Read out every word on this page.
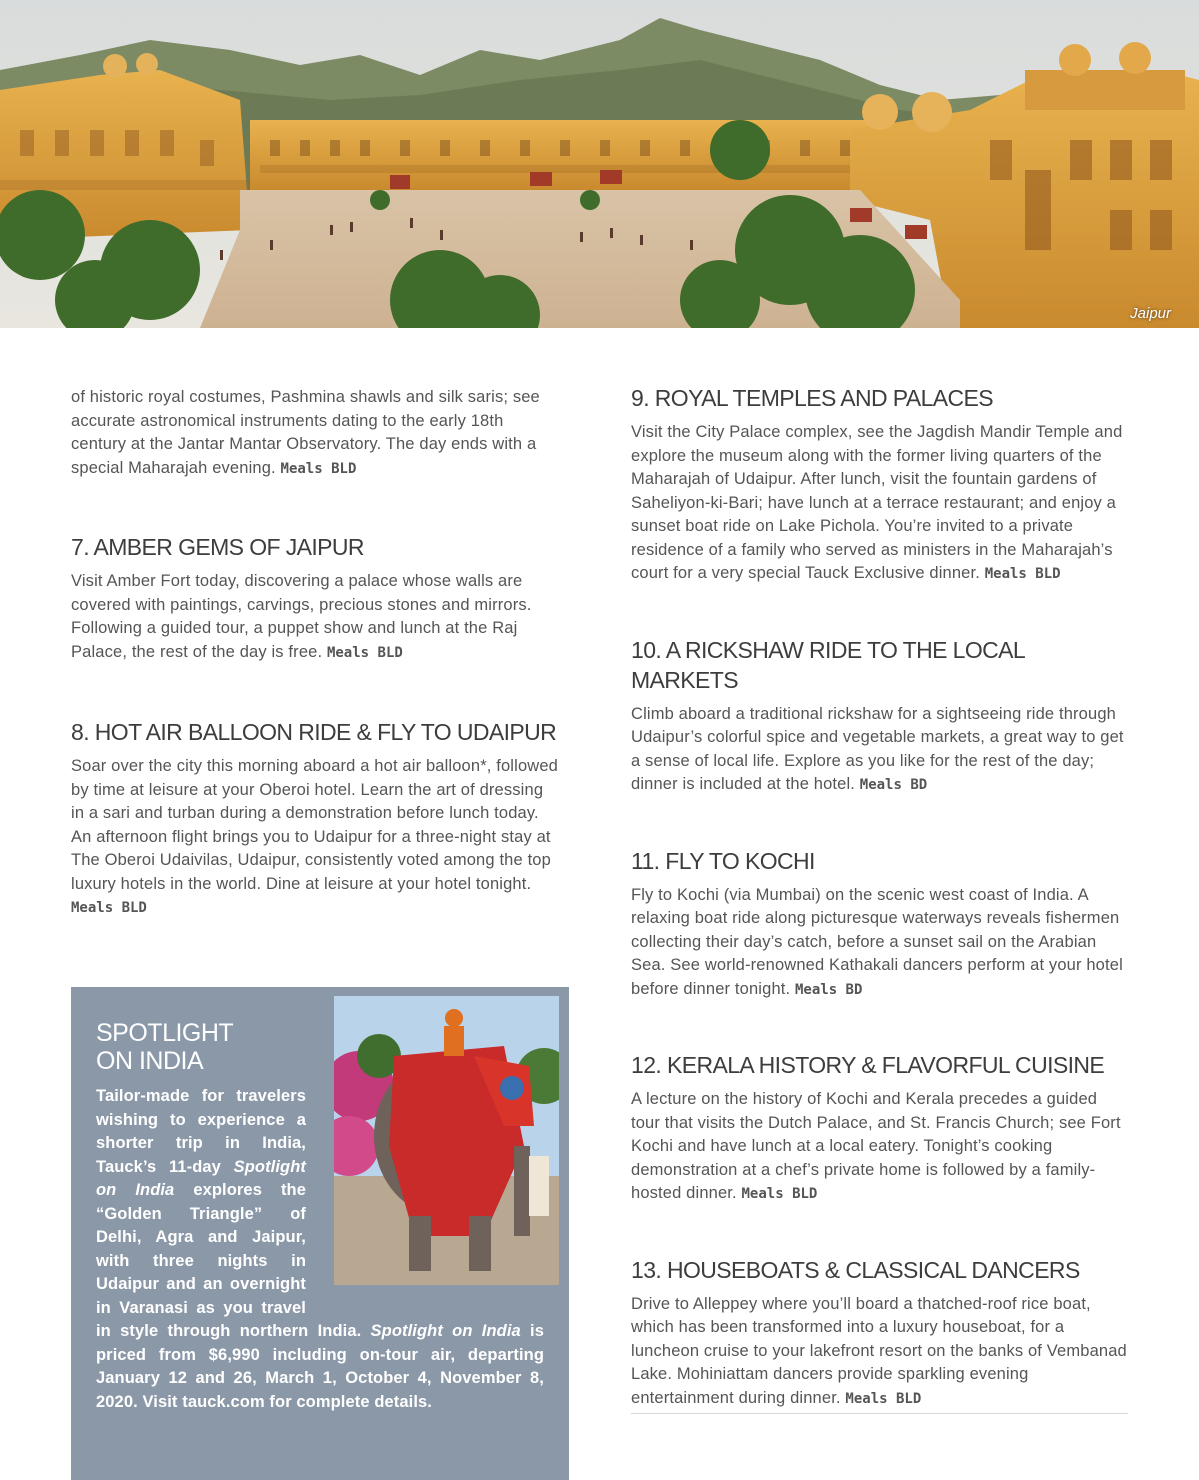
Jaipur

of historic royal costumes, Pashmina shawls and silk saris; see accurate astronomical instruments dating to the early 18th century at the Jantar Mantar Observatory. The day ends with a special Maharajah evening. Meals BLD

7. AMBER GEMS OF JAIPUR

Visit Amber Fort today, discovering a palace whose walls are covered with paintings, carvings, precious stones and mirrors. Following a guided tour, a puppet show and lunch at the Raj Palace, the rest of the day is free. Meals BLD

8. HOT AIR BALLOON RIDE & FLY TO UDAIPUR

Soar over the city this morning aboard a hot air balloon*, followed by time at leisure at your Oberoi hotel. Learn the art of dressing in a sari and turban during a demonstration before lunch today. An afternoon flight brings you to Udaipur for a three-night stay at The Oberoi Udaivilas, Udaipur, consistently voted among the top luxury hotels in the world. Dine at leisure at your hotel tonight. Meals BLD

SPOTLIGHT
ON INDIA

Tailor-made for travelers wishing to experience a shorter trip in India, Tauck’s 11-day Spotlight on India explores the “Golden Triangle” of Delhi, Agra and Jaipur, with three nights in Udaipur and an overnight in Varanasi as you travel in style through northern India. Spotlight on India is priced from $6,990 including on-tour air, departing January 12 and 26, March 1, October 4, November 8, 2020. Visit tauck.com for complete details.

9. ROYAL TEMPLES AND PALACES

Visit the City Palace complex, see the Jagdish Mandir Temple and explore the museum along with the former living quarters of the Maharajah of Udaipur. After lunch, visit the fountain gardens of Saheliyon-ki-Bari; have lunch at a terrace restaurant; and enjoy a sunset boat ride on Lake Pichola. You’re invited to a private residence of a family who served as ministers in the Maharajah’s court for a very special Tauck Exclusive dinner. Meals BLD

10. A RICKSHAW RIDE TO THE LOCAL MARKETS

Climb aboard a traditional rickshaw for a sightseeing ride through Udaipur’s colorful spice and vegetable markets, a great way to get a sense of local life. Explore as you like for the rest of the day; dinner is included at the hotel. Meals BD

11. FLY TO KOCHI

Fly to Kochi (via Mumbai) on the scenic west coast of India. A relaxing boat ride along picturesque waterways reveals fishermen collecting their day’s catch, before a sunset sail on the Arabian Sea. See world-renowned Kathakali dancers perform at your hotel before dinner tonight. Meals BD

12. KERALA HISTORY & FLAVORFUL CUISINE

A lecture on the history of Kochi and Kerala precedes a guided tour that visits the Dutch Palace, and St. Francis Church; see Fort Kochi and have lunch at a local eatery. Tonight’s cooking demonstration at a chef’s private home is followed by a family-hosted dinner. Meals BLD

13. HOUSEBOATS & CLASSICAL DANCERS

Drive to Alleppey where you’ll board a thatched-roof rice boat, which has been transformed into a luxury houseboat, for a luncheon cruise to your lakefront resort on the banks of Vembanad Lake. Mohiniattam dancers provide sparkling evening entertainment during dinner. Meals BLD
